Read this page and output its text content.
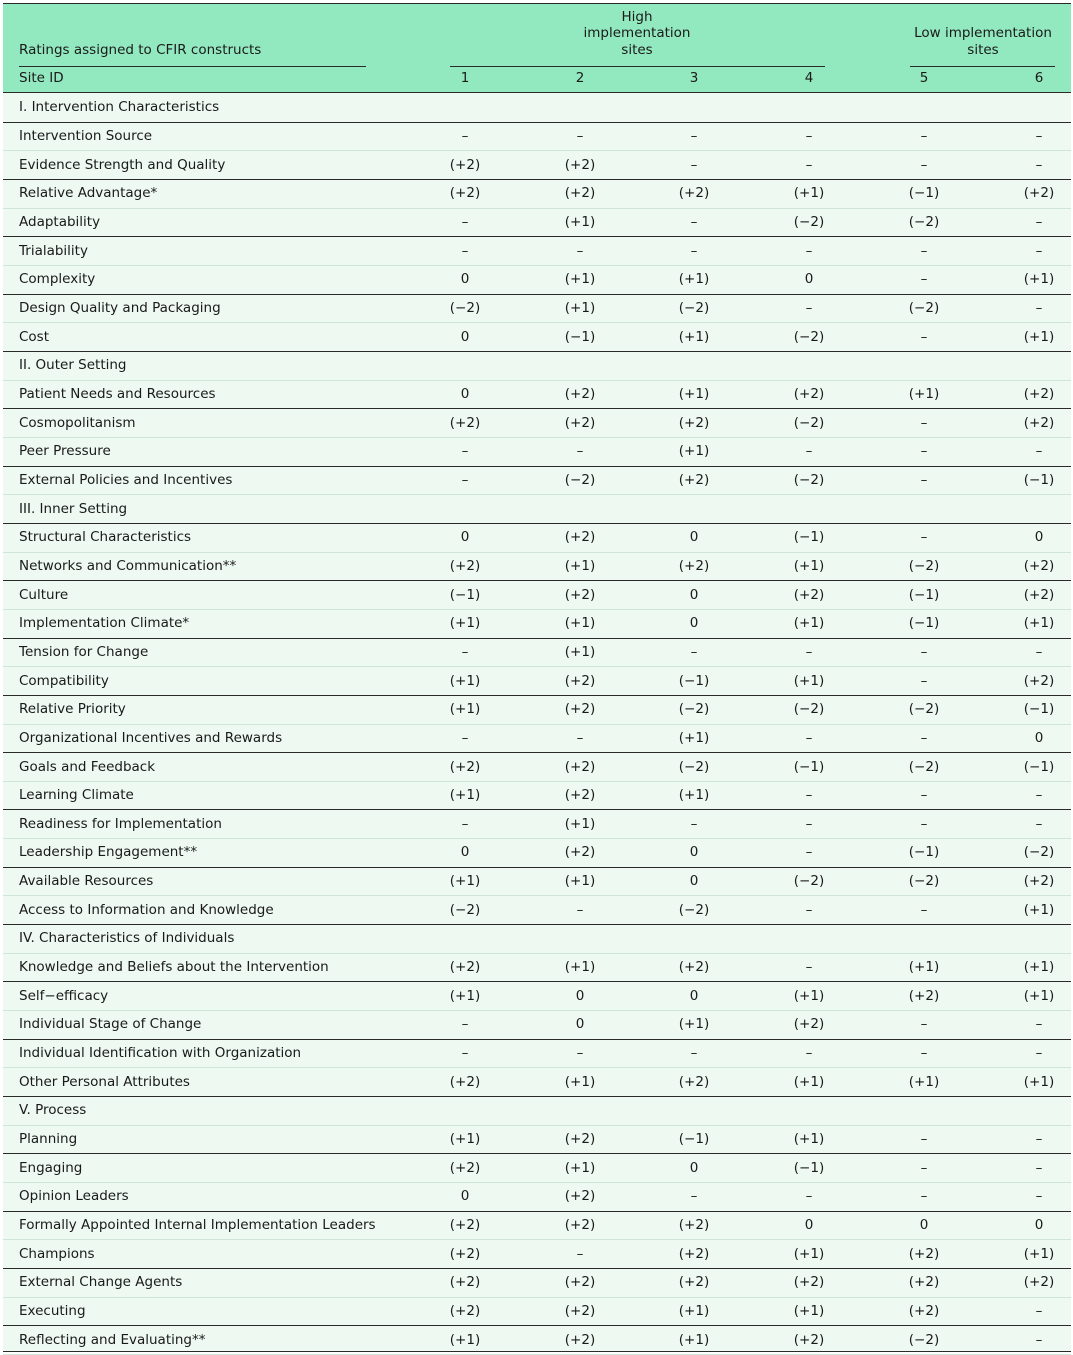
Ratings assigned to CFIR constructs
Site ID
High
implementation
sites
Low implementation
sites
1	2	3	4	5	6
I. Intervention Characteristics
Intervention Source	–	–	–	–	–	–
Evidence Strength and Quality	(+2)	(+2)	–	–	–	–
Relative Advantage*	(+2)	(+2)	(+2)	(+1)	(−1)	(+2)
Adaptability	–	(+1)	–	(−2)	(−2)	–
Trialability	–	–	–	–	–	–
Complexity	0	(+1)	(+1)	0	–	(+1)
Design Quality and Packaging	(−2)	(+1)	(−2)	–	(−2)	–
Cost	0	(−1)	(+1)	(−2)	–	(+1)
II. Outer Setting
Patient Needs and Resources	0	(+2)	(+1)	(+2)	(+1)	(+2)
Cosmopolitanism	(+2)	(+2)	(+2)	(−2)	–	(+2)
Peer Pressure	–	–	(+1)	–	–	–
External Policies and Incentives	–	(−2)	(+2)	(−2)	–	(−1)
III. Inner Setting
Structural Characteristics	0	(+2)	0	(−1)	–	0
Networks and Communication**	(+2)	(+1)	(+2)	(+1)	(−2)	(+2)
Culture	(−1)	(+2)	0	(+2)	(−1)	(+2)
Implementation Climate*	(+1)	(+1)	0	(+1)	(−1)	(+1)
Tension for Change	–	(+1)	–	–	–	–
Compatibility	(+1)	(+2)	(−1)	(+1)	–	(+2)
Relative Priority	(+1)	(+2)	(−2)	(−2)	(−2)	(−1)
Organizational Incentives and Rewards	–	–	(+1)	–	–	0
Goals and Feedback	(+2)	(+2)	(−2)	(−1)	(−2)	(−1)
Learning Climate	(+1)	(+2)	(+1)	–	–	–
Readiness for Implementation	–	(+1)	–	–	–	–
Leadership Engagement**	0	(+2)	0	–	(−1)	(−2)
Available Resources	(+1)	(+1)	0	(−2)	(−2)	(+2)
Access to Information and Knowledge	(−2)	–	(−2)	–	–	(+1)
IV. Characteristics of Individuals
Knowledge and Beliefs about the Intervention	(+2)	(+1)	(+2)	–	(+1)	(+1)
Self−efficacy	(+1)	0	0	(+1)	(+2)	(+1)
Individual Stage of Change	–	0	(+1)	(+2)	–	–
Individual Identification with Organization	–	–	–	–	–	–
Other Personal Attributes	(+2)	(+1)	(+2)	(+1)	(+1)	(+1)
V. Process
Planning	(+1)	(+2)	(−1)	(+1)	–	–
Engaging	(+2)	(+1)	0	(−1)	–	–
Opinion Leaders	0	(+2)	–	–	–	–
Formally Appointed Internal Implementation Leaders	(+2)	(+2)	(+2)	0	0	0
Champions	(+2)	–	(+2)	(+1)	(+2)	(+1)
External Change Agents	(+2)	(+2)	(+2)	(+2)	(+2)	(+2)
Executing	(+2)	(+2)	(+1)	(+1)	(+2)	–
Reflecting and Evaluating**	(+1)	(+2)	(+1)	(+2)	(−2)	–
